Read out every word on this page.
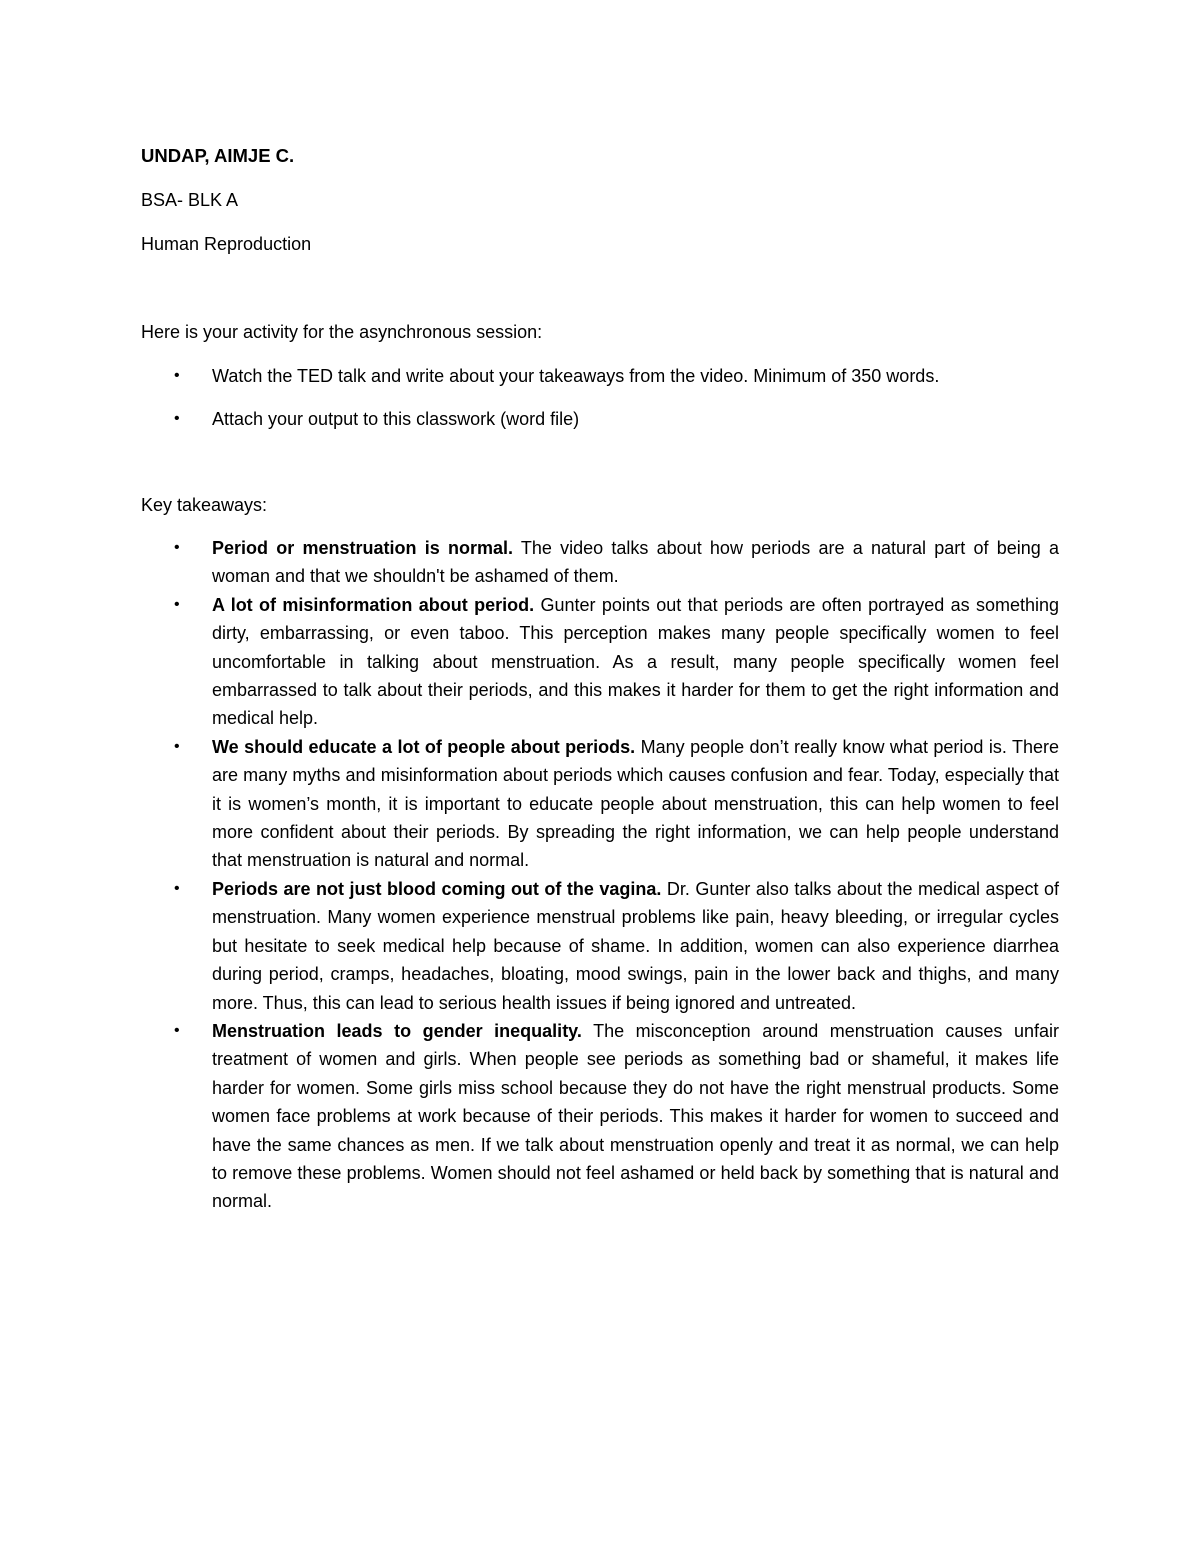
UNDAP, AIMJE C.

BSA- BLK A

Human Reproduction

Here is your activity for the asynchronous session:

• Watch the TED talk and write about your takeaways from the video. Minimum of 350 words.
• Attach your output to this classwork (word file)

Key takeaways:

• Period or menstruation is normal. The video talks about how periods are a natural part of being a woman and that we shouldn't be ashamed of them.
• A lot of misinformation about period. Gunter points out that periods are often portrayed as something dirty, embarrassing, or even taboo. This perception makes many people specifically women to feel uncomfortable in talking about menstruation. As a result, many people specifically women feel embarrassed to talk about their periods, and this makes it harder for them to get the right information and medical help.
• We should educate a lot of people about periods. Many people don’t really know what period is. There are many myths and misinformation about periods which causes confusion and fear. Today, especially that it is women’s month, it is important to educate people about menstruation, this can help women to feel more confident about their periods. By spreading the right information, we can help people understand that menstruation is natural and normal.
• Periods are not just blood coming out of the vagina. Dr. Gunter also talks about the medical aspect of menstruation. Many women experience menstrual problems like pain, heavy bleeding, or irregular cycles but hesitate to seek medical help because of shame. In addition, women can also experience diarrhea during period, cramps, headaches, bloating, mood swings, pain in the lower back and thighs, and many more. Thus, this can lead to serious health issues if being ignored and untreated.
• Menstruation leads to gender inequality. The misconception around menstruation causes unfair treatment of women and girls. When people see periods as something bad or shameful, it makes life harder for women. Some girls miss school because they do not have the right menstrual products. Some women face problems at work because of their periods. This makes it harder for women to succeed and have the same chances as men. If we talk about menstruation openly and treat it as normal, we can help to remove these problems. Women should not feel ashamed or held back by something that is natural and normal.
